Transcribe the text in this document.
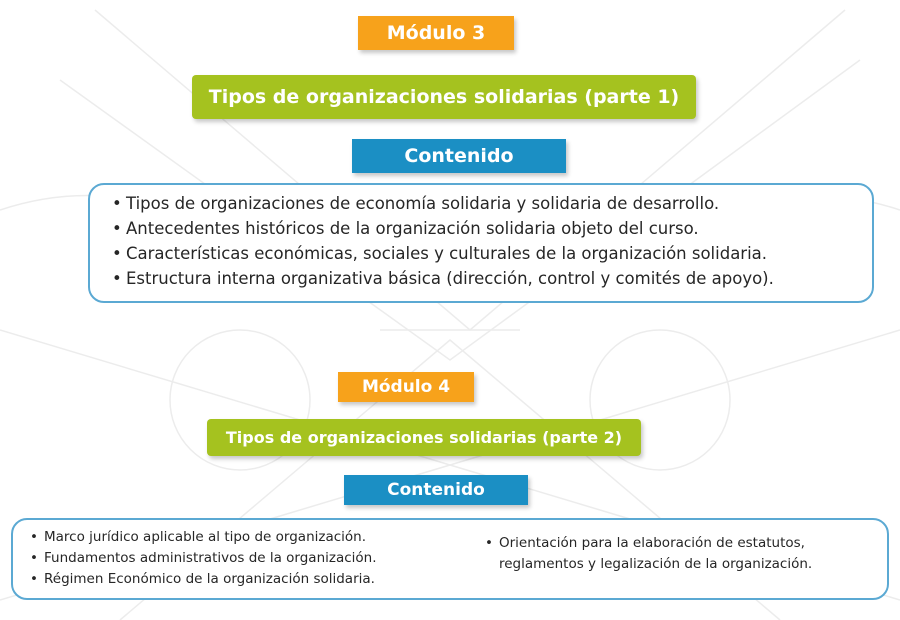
Módulo 3
Tipos de organizaciones solidarias (parte 1)
Contenido
• Tipos de organizaciones de economía solidaria y solidaria de desarrollo.
• Antecedentes históricos de la organización solidaria objeto del curso.
• Características económicas, sociales y culturales de la organización solidaria.
• Estructura interna organizativa básica (dirección, control y comités de apoyo).
Módulo 4
Tipos de organizaciones solidarias (parte 2)
Contenido
• Marco jurídico aplicable al tipo de organización.
• Fundamentos administrativos de la organización.
• Régimen Económico de la organización solidaria.
• Orientación para la elaboración de estatutos, reglamentos y legalización de la organización.
